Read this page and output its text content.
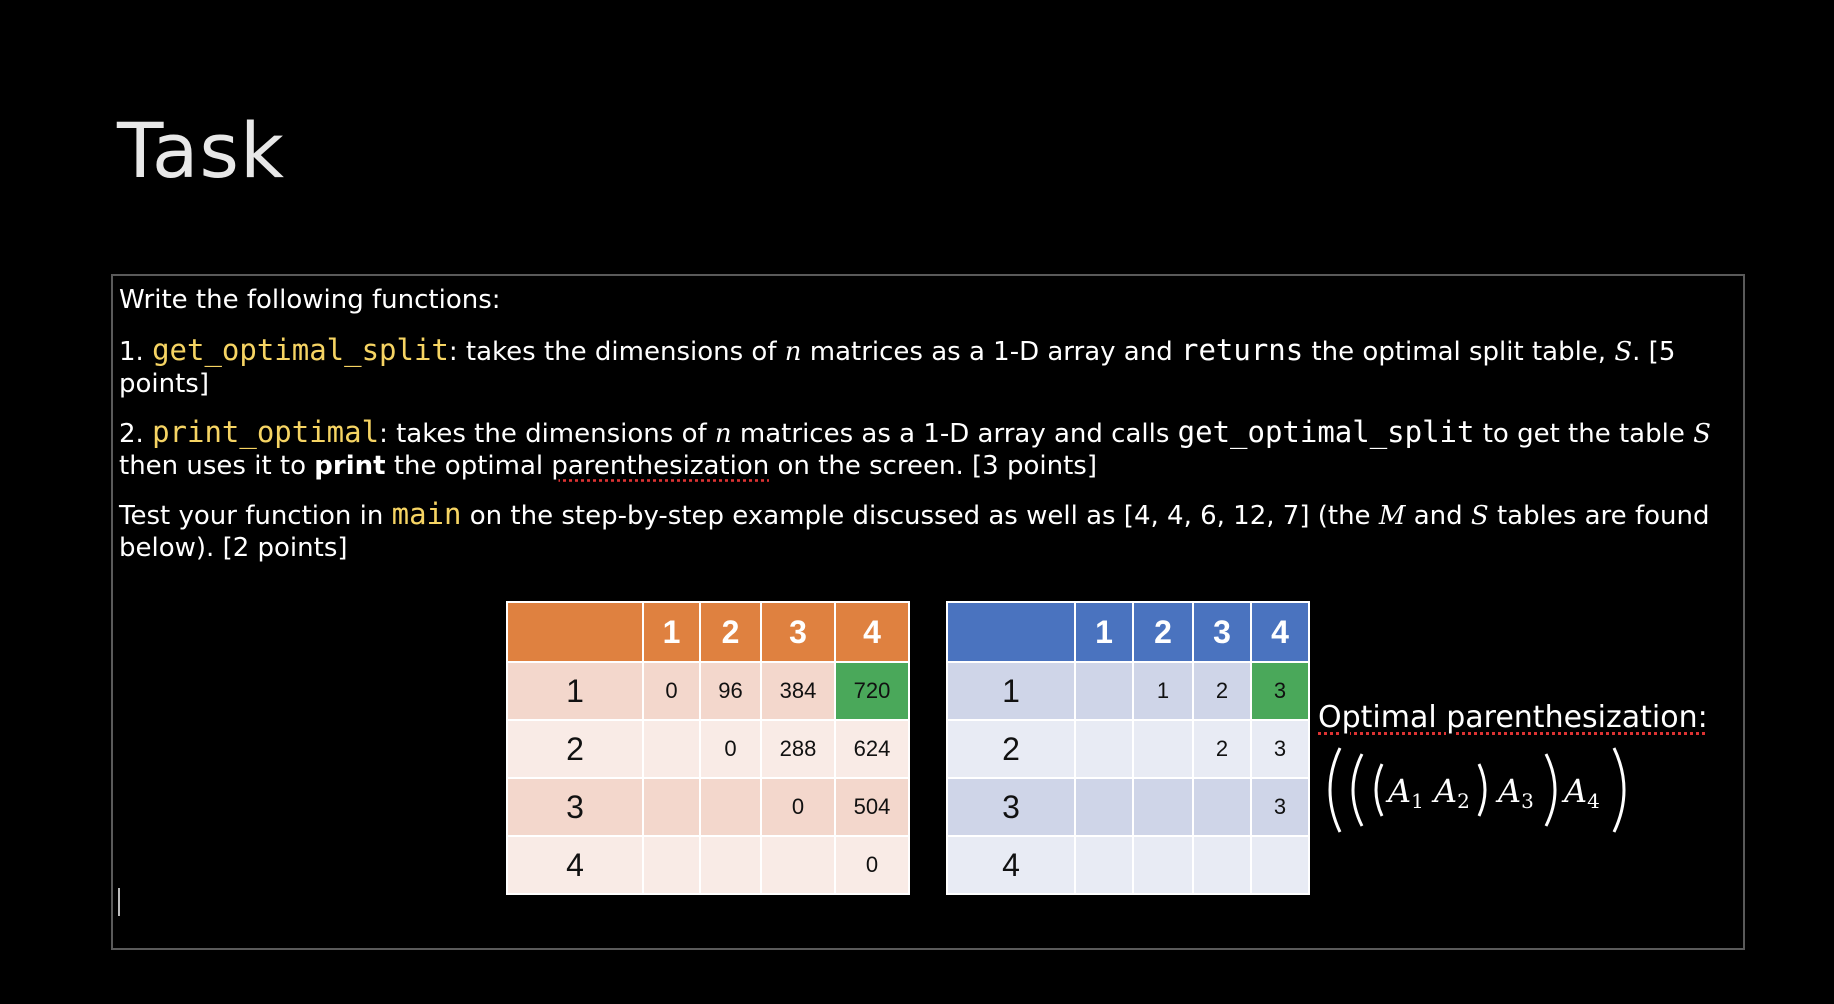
Task
Write the following functions:
1. get_optimal_split: takes the dimensions of n matrices as a 1-D array and returns the optimal split table, S. [5 points]
2. print_optimal: takes the dimensions of n matrices as a 1-D array and calls get_optimal_split to get the table S then uses it to print the optimal parenthesization on the screen. [3 points]
Test your function in main on the step-by-step example discussed as well as [4, 4, 6, 12, 7] (the M and S tables are found below). [2 points]
	1	2	3	4
1	0	96	384	720
2		0	288	624
3			0	504
4				0
	1	2	3	4
1		1	2	3
2			2	3
3				3
4				
Optimal parenthesization:
A1 A2 A3 A4
